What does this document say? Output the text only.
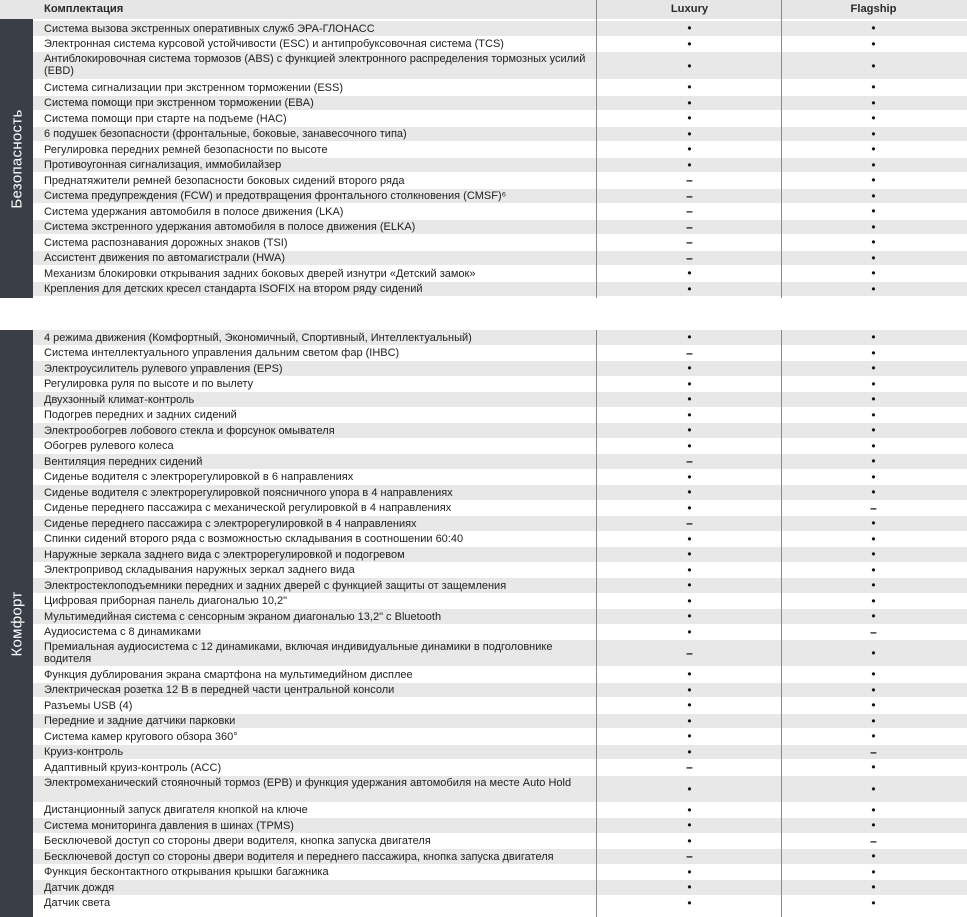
Комплектация	Luxury	Flagship
Безопасность
Система вызова экстренных оперативных служб ЭРА-ГЛОНАСС	•	•
Электронная система курсовой устойчивости (ESC) и антипробуксовочная система (TCS)	•	•
Антиблокировочная система тормозов (ABS) с функцией электронного распределения тормозных усилий (EBD)	•	•
Система сигнализации при экстренном торможении (ESS)	•	•
Система помощи при экстренном торможении (EBA)	•	•
Система помощи при старте на подъеме (HAC)	•	•
6 подушек безопасности (фронтальные, боковые, занавесочного типа)	•	•
Регулировка передних ремней безопасности по высоте	•	•
Противоугонная сигнализация, иммобилайзер	•	•
Преднатяжители ремней безопасности боковых сидений второго ряда	–	•
Система предупреждения (FCW) и предотвращения фронтального столкновения (CMSF)⁶	–	•
Система удержания автомобиля в полосе движения (LKA)	–	•
Система экстренного удержания автомобиля в полосе движения (ELKA)	–	•
Система распознавания дорожных знаков (TSI)	–	•
Ассистент движения по автомагистрали (HWA)	–	•
Механизм блокировки открывания задних боковых дверей изнутри «Детский замок»	•	•
Крепления для детских кресел стандарта ISOFIX на втором ряду сидений	•	•
Комфорт
4 режима движения (Комфортный, Экономичный, Спортивный, Интеллектуальный)	•	•
Система интеллектуального управления дальним светом фар (IHBC)	–	•
Электроусилитель рулевого управления (EPS)	•	•
Регулировка руля по высоте и по вылету	•	•
Двухзонный климат-контроль	•	•
Подогрев передних и задних сидений	•	•
Электрообогрев лобового стекла и форсунок омывателя	•	•
Обогрев рулевого колеса	•	•
Вентиляция передних сидений	–	•
Сиденье водителя с электрорегулировкой в 6 направлениях	•	•
Сиденье водителя с электрорегулировкой поясничного упора в 4 направлениях	•	•
Сиденье переднего пассажира с механической регулировкой в 4 направлениях	•	–
Сиденье переднего пассажира с электрорегулировкой в 4 направлениях	–	•
Спинки сидений второго ряда с возможностью складывания в соотношении 60:40	•	•
Наружные зеркала заднего вида с электрорегулировкой и подогревом	•	•
Электропривод складывания наружных зеркал заднего вида	•	•
Электростеклоподъемники передних и задних дверей с функцией защиты от защемления	•	•
Цифровая приборная панель диагональю 10,2"	•	•
Мультимедийная система с сенсорным экраном диагональю 13,2" с Bluetooth	•	•
Аудиосистема с 8 динамиками	•	–
Премиальная аудиосистема с 12 динамиками, включая индивидуальные динамики в подголовнике водителя	–	•
Функция дублирования экрана смартфона на мультимедийном дисплее	•	•
Электрическая розетка 12 В в передней части центральной консоли	•	•
Разъемы USB (4)	•	•
Передние и задние датчики парковки	•	•
Система камер кругового обзора 360°	•	•
Круиз-контроль	•	–
Адаптивный круиз-контроль (ACC)	–	•
Электромеханический стояночный тормоз (EPB) и функция удержания автомобиля на месте Auto Hold	•	•
Дистанционный запуск двигателя кнопкой на ключе	•	•
Система мониторинга давления в шинах (TPMS)	•	•
Бесключевой доступ со стороны двери водителя, кнопка запуска двигателя	•	–
Бесключевой доступ со стороны двери водителя и переднего пассажира, кнопка запуска двигателя	–	•
Функция бесконтактного открывания крышки багажника	•	•
Датчик дождя	•	•
Датчик света	•	•
